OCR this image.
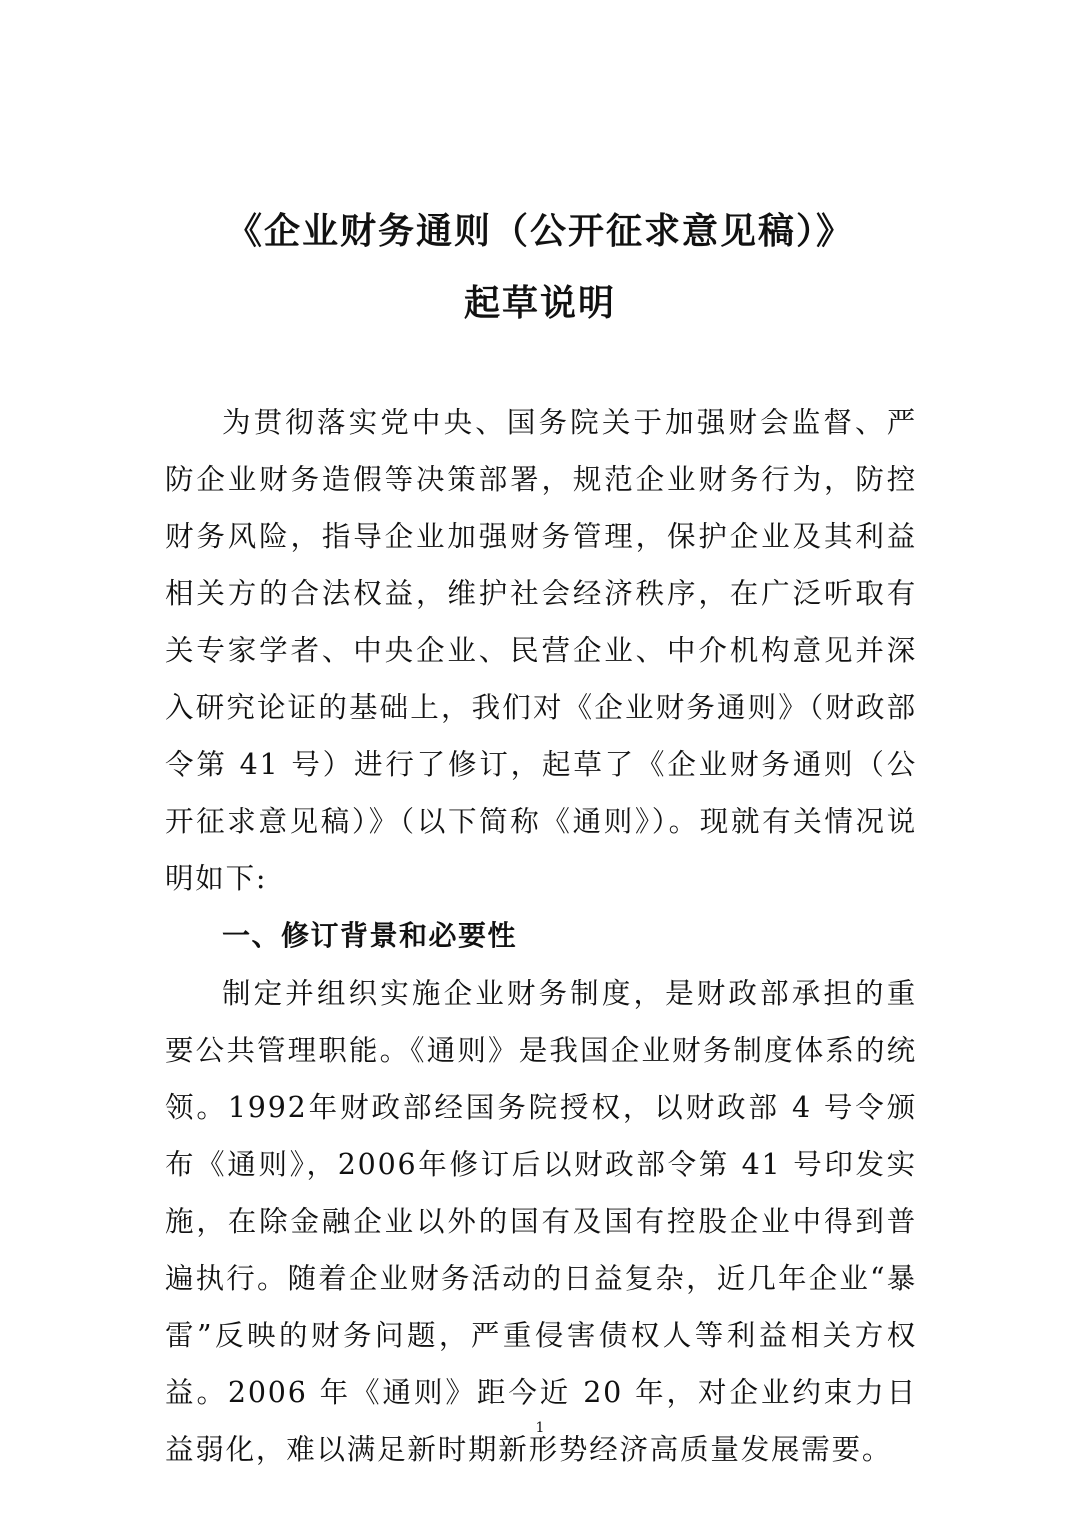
《企业财务通则（公开征求意见稿）》
起草说明

为贯彻落实党中央、国务院关于加强财会监督、严防企业财务造假等决策部署，规范企业财务行为，防控财务风险，指导企业加强财务管理，保护企业及其利益相关方的合法权益，维护社会经济秩序，在广泛听取有关专家学者、中央企业、民营企业、中介机构意见并深入研究论证的基础上，我们对《企业财务通则》（财政部令第 41 号）进行了修订，起草了《企业财务通则（公开征求意见稿）》（以下简称《通则》）。现就有关情况说明如下:

一、修订背景和必要性

制定并组织实施企业财务制度，是财政部承担的重要公共管理职能。《通则》是我国企业财务制度体系的统领。1992年财政部经国务院授权，以财政部 4 号令颁布《通则》，2006年修订后以财政部令第 41 号印发实施，在除金融企业以外的国有及国有控股企业中得到普遍执行。随着企业财务活动的日益复杂，近几年企业“暴雷”反映的财务问题，严重侵害债权人等利益相关方权益。2006 年《通则》距今近 20 年，对企业约束力日益弱化，难以满足新时期新形势经济高质量发展需要。

1
